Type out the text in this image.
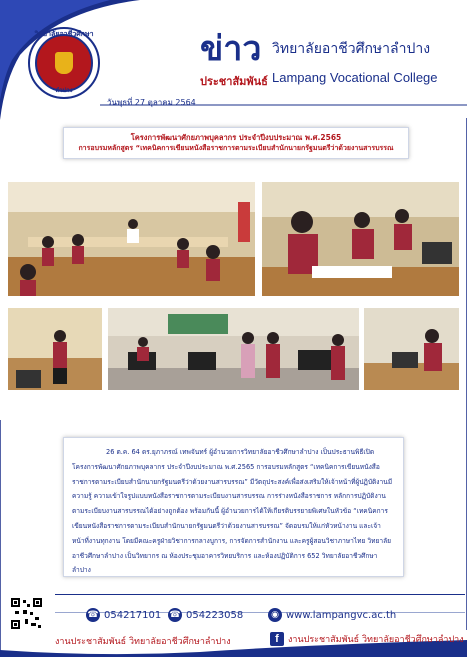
วิทยาลัยอาชีวศึกษา
ลำปาง
ข่าว
ประชาสัมพันธ์
วิทยาลัยอาชีวศึกษาลำปาง
Lampang Vocational College
วันพุธที่ 27 ตุลาคม 2564
โครงการพัฒนาศักยภาพบุคลากร ประจำปีงบประมาณ พ.ศ.2565
การอบรมหลักสูตร “เทคนิคการเขียนหนังสือราชการตามระเบียบสำนักนายกรัฐมนตรีว่าด้วยงานสารบรรณ

26 ต.ค. 64 ดร.ยุภาภรณ์ เทพจันทร์ ผู้อำนวยการวิทยาลัยอาชีวศึกษาลำปาง เป็นประธานพิธีเปิดโครงการพัฒนาศักยภาพบุคลากร ประจำปีงบประมาณ พ.ศ.2565 การอบรมหลักสูตร “เทคนิคการเขียนหนังสือราชการตามระเบียบสำนักนายกรัฐมนตรีว่าด้วยงานสารบรรณ” มีวัตถุประสงค์เพื่อส่งเสริมให้เจ้าหน้าที่ผู้ปฏิบัติงานมีความรู้ ความเข้าใจรูปแบบหนังสือราชการตามระเบียบงานสารบรรณ การร่างหนังสือราชการ หลักการปฏิบัติงานตามระเบียบงานสารบรรณได้อย่างถูกต้อง พร้อมกันนี้ ผู้อำนวยการได้ให้เกียรติบรรยายพิเศษในหัวข้อ “เทคนิคการเขียนหนังสือราชการตามระเบียบสำนักนายกรัฐมนตรีว่าด้วยงานสารบรรณ” จัดอบรมให้แก่หัวหน้างาน และเจ้าหน้าที่งานทุกงาน โดยมีคณะครูฝ่ายวิชาการกลางบูการ, การจัดการสำนักงาน และครูผู้สอนวิชาภาษาไทย วิทยาลัยอาชีวศึกษาลำปาง เป็นวิทยากร ณ ห้องประชุมอาคารวิทยบริการ และห้องปฏิบัติการ 652 วิทยาลัยอาชีวศึกษาลำปาง

☎ 054217101 ☎ 054223058	◉ www.lampangvc.ac.th
งานประชาสัมพันธ์ วิทยาลัยอาชีวศึกษาลำปาง	f	งานประชาสัมพันธ์ วิทยาลัยอาชีวศึกษาลำปาง
